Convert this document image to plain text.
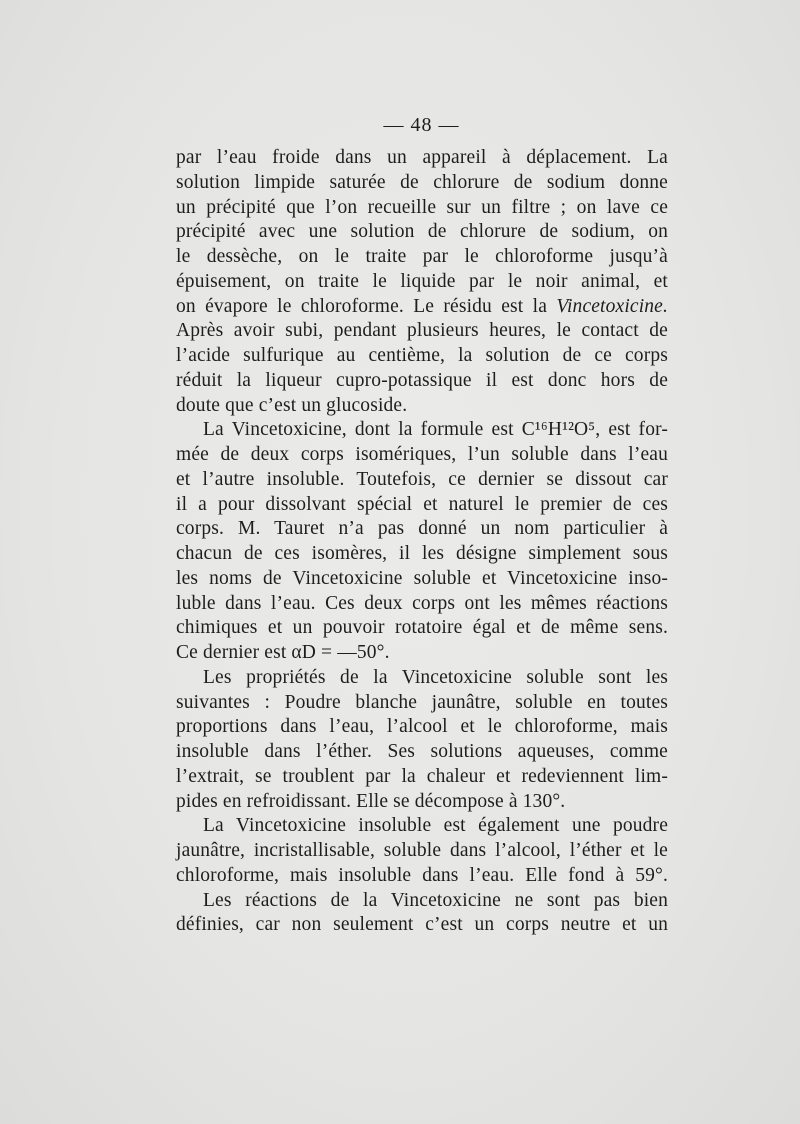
— 48 —
par l’eau froide dans un appareil à déplacement. La
solution limpide saturée de chlorure de sodium donne
un précipité que l’on recueille sur un filtre ; on lave ce
précipité avec une solution de chlorure de sodium, on
le dessèche, on le traite par le chloroforme jusqu’à
épuisement, on traite le liquide par le noir animal, et
on évapore le chloroforme. Le résidu est la Vincetoxicine.
Après avoir subi, pendant plusieurs heures, le contact de
l’acide sulfurique au centième, la solution de ce corps
réduit la liqueur cupro-potassique il est donc hors de
doute que c’est un glucoside.
La Vincetoxicine, dont la formule est C¹⁶H¹²O⁵, est for-
mée de deux corps isomériques, l’un soluble dans l’eau
et l’autre insoluble. Toutefois, ce dernier se dissout car
il a pour dissolvant spécial et naturel le premier de ces
corps. M. Tauret n’a pas donné un nom particulier à
chacun de ces isomères, il les désigne simplement sous
les noms de Vincetoxicine soluble et Vincetoxicine inso-
luble dans l’eau. Ces deux corps ont les mêmes réactions
chimiques et un pouvoir rotatoire égal et de même sens.
Ce dernier est αD = —50°.
Les propriétés de la Vincetoxicine soluble sont les
suivantes : Poudre blanche jaunâtre, soluble en toutes
proportions dans l’eau, l’alcool et le chloroforme, mais
insoluble dans l’éther. Ses solutions aqueuses, comme
l’extrait, se troublent par la chaleur et redeviennent lim-
pides en refroidissant. Elle se décompose à 130°.
La Vincetoxicine insoluble est également une poudre
jaunâtre, incristallisable, soluble dans l’alcool, l’éther et le
chloroforme, mais insoluble dans l’eau. Elle fond à 59°.
Les réactions de la Vincetoxicine ne sont pas bien
définies, car non seulement c’est un corps neutre et un
